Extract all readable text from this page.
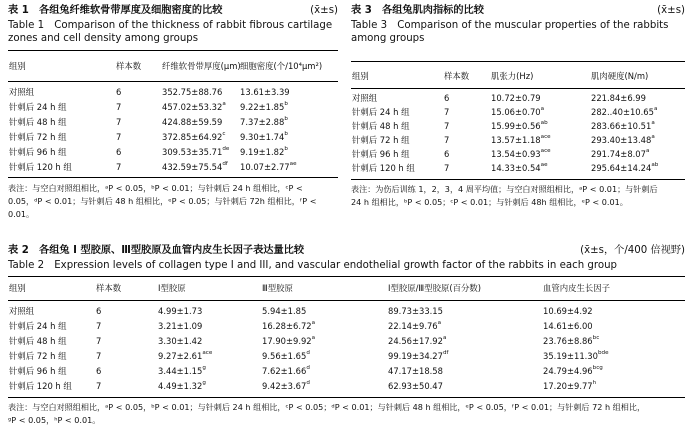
表 1　各组兔纤维软骨带厚度及细胞密度的比较	(x̄±s)
Table 1　Comparison of the thickness of rabbit fibrous cartilage
zones and cell density among groups
组别	样本数 纤维软骨带厚度(μm) 细胞密度(个/10⁴μm²)
对照组	6	352.75±88.76 13.61±3.39
针刺后 24 h 组	7	457.02±53.32$^a$ 9.22±1.85$^b$
针刺后 48 h 组	7	424.88±59.59 7.37±2.88$^b$
针刺后 72 h 组	7	372.85±64.92$^c$ 9.30±1.74$^b$
针刺后 96 h 组	6	309.53±35.71de 9.19±1.82$^b$
针刺后 120 h 组	7	432.59±75.54$^{df}$ 10.07±2.77$^{ae}$
表注：与空白对照组相比，ᵃP < 0.05，ᵇP < 0.01；与针刺后 24 h 组相比，ᶜP <
0.05，ᵈP < 0.01；与针刺后 48 h 组相比，ᵉP < 0.05；与针刺后 72h 组相比，ᶠP <
0.01。
表 3　各组兔肌肉指标的比较	(x̄±s)
Table 3　Comparison of the muscular properties of the rabbits
among groups
组别	样本数	肌张力(Hz)	肌肉硬度(N/m)
对照组	6	10.72±0.79	221.84±6.99
针刺后 24 h 组	7	15.06±0.70$^a$	282..40±10.65$^a$
针刺后 48 h 组	7	15.99±0.56$^{ab}$	283.66±10.51$^a$
针刺后 72 h 组	7	13.57±1.18$^{ace}$	293.40±13.48$^a$
针刺后 96 h 组	6	13.54±0.93$^{ace}$	291.74±8.07$^a$
针刺后 120 h 组	7	14.33±0.54$^{ae}$	295.64±14.24$^{ab}$
表注：为伤后训练 1，2，3，4 周平均值；与空白对照组相比，ᵃP < 0.01；与针刺后
24 h 组相比，ᵇP < 0.05；ᶜP < 0.01；与针刺后 48h 组相比，ᵉP < 0.01。
表 2　各组兔 Ⅰ 型胶原、Ⅲ型胶原及血管内皮生长因子表达量比较	(x̄±s，个/400 倍视野)
Table 2　Expression levels of collagen type I and III, and vascular endothelial growth factor of the rabbits in each group
组别	样本数	Ⅰ型胶原	Ⅲ型胶原	Ⅰ型胶原/Ⅲ型胶原(百分数)	血管内皮生长因子
对照组	6	4.99±1.73	5.94±1.85	89.73±33.15	10.69±4.92
针刺后 24 h 组	7	3.21±1.09	16.28±6.72$^a$	22.14±9.76$^a$	14.61±6.00
针刺后 48 h 组	7	3.30±1.42	17.90±9.92$^a$	24.56±17.92$^a$	23.76±8.86$^{bc}$
针刺后 72 h 组	7	9.27±2.61$^{ace}$	9.56±1.65$^d$	99.19±34.27$^{df}$	35.19±11.30$^{bde}$
针刺后 96 h 组	6	3.44±1.15$^g$	7.62±1.66$^d$	47.17±18.58	24.79±4.96$^{bcg}$
针刺后 120 h 组	7	4.49±1.32$^g$	9.42±3.67$^d$	62.93±50.47	17.20±9.77$^h$
表注：与空白对照组相比，ᵃP < 0.05，ᵇP < 0.01；与针刺后 24 h 组相比，ᶜP < 0.05；ᵈP < 0.01；与针刺后 48 h 组相比，ᵉP < 0.05，ᶠP < 0.01；与针刺后 72 h 组相比，
ᵍP < 0.05，ʰP < 0.01。
